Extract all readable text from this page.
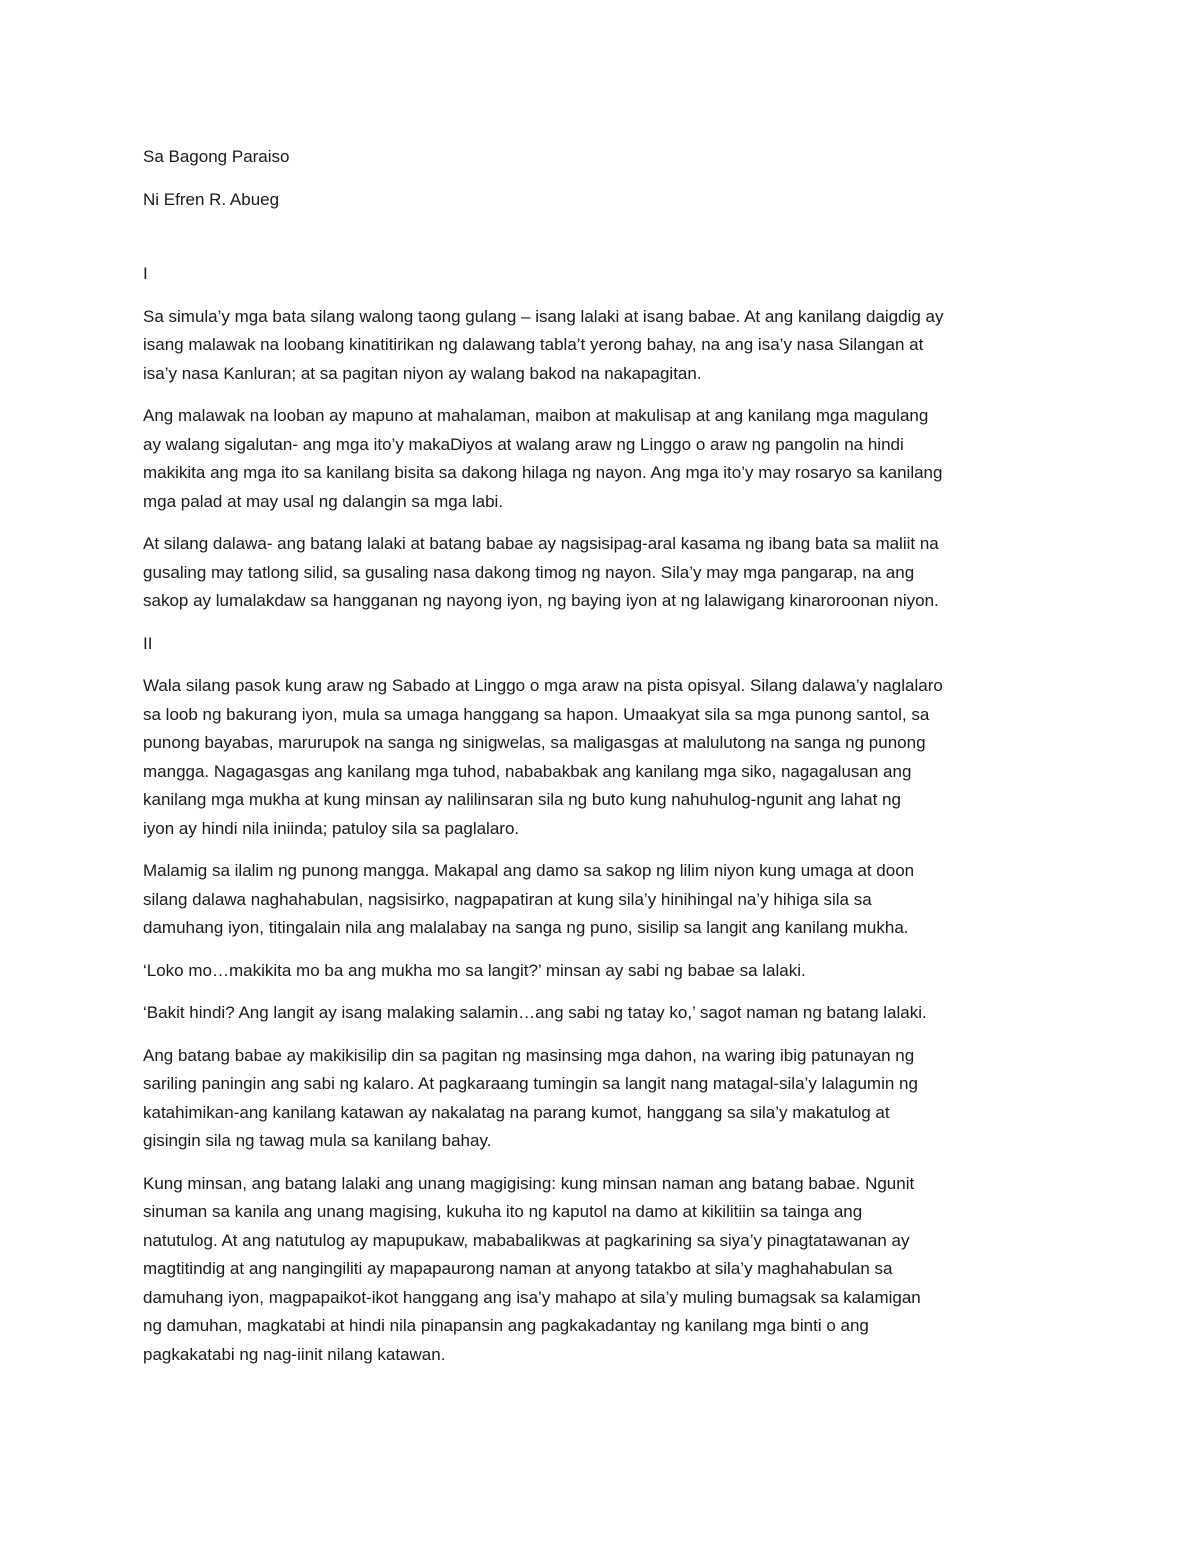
Sa Bagong Paraiso

Ni Efren R. Abueg

I

Sa simula’y mga bata silang walong taong gulang – isang lalaki at isang babae. At ang kanilang daigdig ay
isang malawak na loobang kinatitirikan ng dalawang tabla’t yerong bahay, na ang isa’y nasa Silangan at
isa’y nasa Kanluran; at sa pagitan niyon ay walang bakod na nakapagitan.
Ang malawak na looban ay mapuno at mahalaman, maibon at makulisap at ang kanilang mga magulang
ay walang sigalutan- ang mga ito’y makaDiyos at walang araw ng Linggo o araw ng pangolin na hindi
makikita ang mga ito sa kanilang bisita sa dakong hilaga ng nayon. Ang mga ito’y may rosaryo sa kanilang
mga palad at may usal ng dalangin sa mga labi.
At silang dalawa- ang batang lalaki at batang babae ay nagsisipag-aral kasama ng ibang bata sa maliit na
gusaling may tatlong silid, sa gusaling nasa dakong timog ng nayon. Sila’y may mga pangarap, na ang
sakop ay lumalakdaw sa hangganan ng nayong iyon, ng baying iyon at ng lalawigang kinaroroonan niyon.

II

Wala silang pasok kung araw ng Sabado at Linggo o mga araw na pista opisyal. Silang dalawa’y naglalaro
sa loob ng bakurang iyon, mula sa umaga hanggang sa hapon. Umaakyat sila sa mga punong santol, sa
punong bayabas, marurupok na sanga ng sinigwelas, sa maligasgas at malulutong na sanga ng punong
mangga. Nagagasgas ang kanilang mga tuhod, nababakbak ang kanilang mga siko, nagagalusan ang
kanilang mga mukha at kung minsan ay nalilinsaran sila ng buto kung nahuhulog-ngunit ang lahat ng
iyon ay hindi nila iniinda; patuloy sila sa paglalaro.
Malamig sa ilalim ng punong mangga. Makapal ang damo sa sakop ng lilim niyon kung umaga at doon
silang dalawa naghahabulan, nagsisirko, nagpapatiran at kung sila’y hinihingal na’y hihiga sila sa
damuhang iyon, titingalain nila ang malalabay na sanga ng puno, sisilip sa langit ang kanilang mukha.
‘Loko mo…makikita mo ba ang mukha mo sa langit?’ minsan ay sabi ng babae sa lalaki.
‘Bakit hindi? Ang langit ay isang malaking salamin…ang sabi ng tatay ko,’ sagot naman ng batang lalaki.
Ang batang babae ay makikisilip din sa pagitan ng masinsing mga dahon, na waring ibig patunayan ng
sariling paningin ang sabi ng kalaro. At pagkaraang tumingin sa langit nang matagal-sila’y lalagumin ng
katahimikan-ang kanilang katawan ay nakalatag na parang kumot, hanggang sa sila’y makatulog at
gisingin sila ng tawag mula sa kanilang bahay.
Kung minsan, ang batang lalaki ang unang magigising: kung minsan naman ang batang babae. Ngunit
sinuman sa kanila ang unang magising, kukuha ito ng kaputol na damo at kikilitiin sa tainga ang
natutulog. At ang natutulog ay mapupukaw, mababalikwas at pagkarining sa siya’y pinagtatawanan ay
magtitindig at ang nangingiliti ay mapapaurong naman at anyong tatakbo at sila’y maghahabulan sa
damuhang iyon, magpapaikot-ikot hanggang ang isa’y mahapo at sila’y muling bumagsak sa kalamigan
ng damuhan, magkatabi at hindi nila pinapansin ang pagkakadantay ng kanilang mga binti o ang
pagkakatabi ng nag-iinit nilang katawan.
